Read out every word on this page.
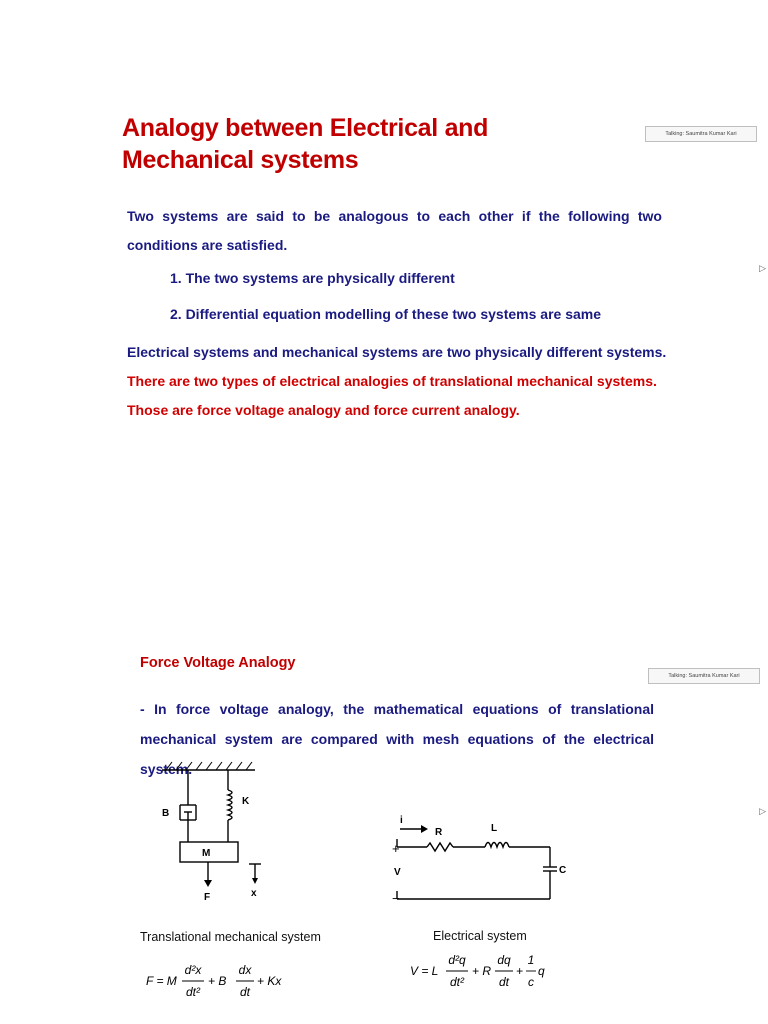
Analogy between Electrical and Mechanical systems
Talking: Saumitra Kumar Kari
▷

Two systems are said to be analogous to each other if the following two conditions are satisfied.

1. The two systems are physically different

2. Differential equation modelling of these two systems are same

Electrical systems and mechanical systems are two physically different systems.

There are two types of electrical analogies of translational mechanical systems.

Those are force voltage analogy and force current analogy.

Force Voltage Analogy
Talking: Saumitra Kumar Kari
▷

- In force voltage analogy, the mathematical equations of translational mechanical system are compared with mesh equations of the electrical system.

B
K
M
F	x
i
R	L
C
V
+
−
Translational mechanical system	Electrical system
F = M
d²x
dt²
+ B
dx
dt
+ Kx
V = L
d²q
dt²
+ R
dq
dt
+
1
c
q
